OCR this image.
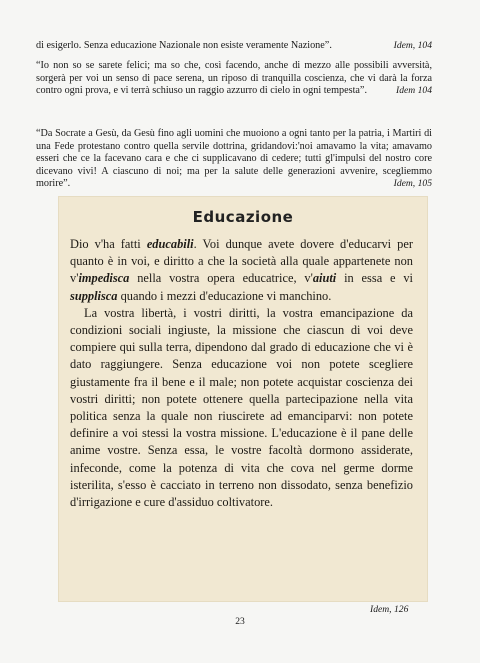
di esigerlo. Senza educazione Nazionale non esiste veramente Nazione”.	Idem, 104

“Io non so se sarete felici; ma so che, così facendo, anche di mezzo alle possibili avversità, sorgerà per voi un senso di pace serena, un riposo di tranquilla coscienza, che vi darà la forza contro ogni prova, e vi terrà schiuso un raggio azzurro di cielo in ogni tempesta”.	Idem 104

“Da Socrate a Gesù, da Gesù fino agli uomini che muoiono a ogni tanto per la patria, i Martiri di una Fede protestano contro quella servile dottrina, gridandovi:'noi amavamo la vita; amavamo esseri che ce la facevano cara e che ci supplicavano di cedere; tutti gl'impulsi del nostro core dicevano vivi! A ciascuno di noi; ma per la salute delle generazioni avvenire, scegliemmo morire”.	Idem, 105

Educazione

Dio v'ha fatti educabili. Voi dunque avete dovere d'educarvi per quanto è in voi, e diritto a che la società alla quale appartenete non v'impedisca nella vostra opera educatrice, v'aiuti in essa e vi supplisca quando i mezzi d'educazione vi manchino.

La vostra libertà, i vostri diritti, la vostra emancipazione da condizioni sociali ingiuste, la missione che ciascun di voi deve compiere qui sulla terra, dipendono dal grado di educazione che vi è dato raggiungere. Senza educazione voi non potete scegliere giustamente fra il bene e il male; non potete acquistar coscienza dei vostri diritti; non potete ottenere quella partecipazione nella vita politica senza la quale non riuscirete ad emanciparvi: non potete definire a voi stessi la vostra missione. L'educazione è il pane delle anime vostre. Senza essa, le vostre facoltà dormono assiderate, infeconde, come la potenza di vita che cova nel germe dorme isterilita, s'esso è cacciato in terreno non dissodato, senza benefizio d'irrigazione e cure d'assiduo coltivatore.

Idem, 126
23
